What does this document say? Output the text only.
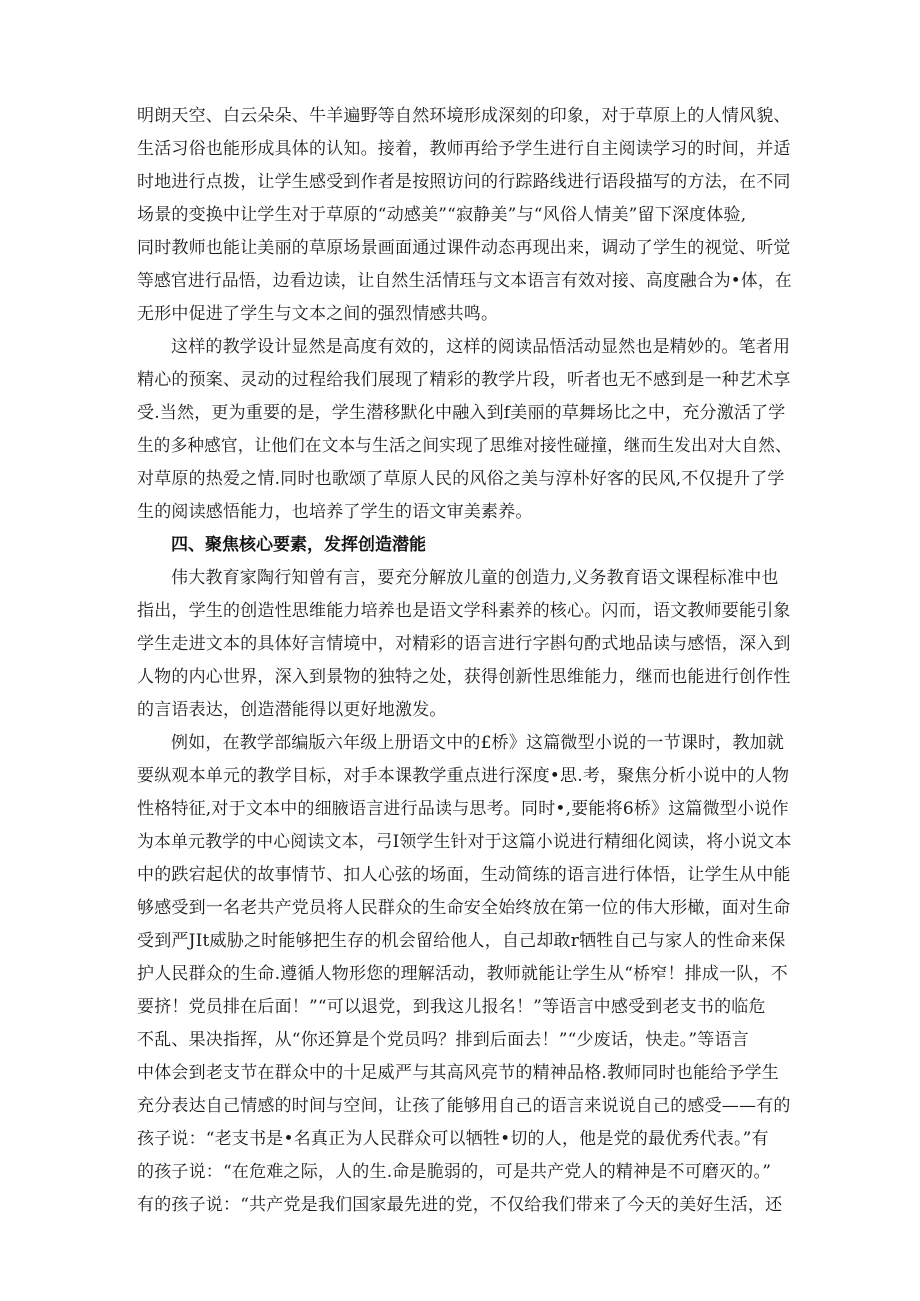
明朗天空、白云朵朵、牛羊遍野等自然环境形成深刻的印象，对于草原上的人情风貌、
生活习俗也能形成具体的认知。接着，教师再给予学生进行自主阅读学习的时间，并适
时地进行点拨，让学生感受到作者是按照访问的行踪路线进行语段描写的方法，在不同
场景的变换中让学生对于草原的“动感美”“寂静美”与“风俗人情美”留下深度体验,
同时教师也能让美丽的草原场景画面通过课件动态再现出来，调动了学生的视觉、听觉
等感官进行品悟，边看边读，让自然生活情珏与文本语言有效对接、高度融合为•体，在
无形中促进了学生与文本之间的强烈情感共鸣。
这样的教学设计显然是高度有效的，这样的阅读品悟活动显然也是精妙的。笔者用
精心的预案、灵动的过程给我们展现了精彩的教学片段，听者也无不感到是一种艺术享
受.当然，更为重要的是，学生潜移默化中融入到f美丽的草舞场比之中，充分激活了学
生的多种感官，让他们在文本与生活之间实现了思维对接性碰撞，继而生发出对大自然、
对草原的热爱之情.同时也歌颂了草原人民的风俗之美与淳朴好客的民风,不仅提升了学
生的阅读感悟能力，也培养了学生的语文审美素养。
四、聚焦核心要素，发挥创造潜能
伟大教育家陶行知曾有言，要充分解放儿童的创造力,义务教育语文课程标准中也
指出，学生的创造性思维能力培养也是语文学科素养的核心。闪而，语文教师要能引象
学生走进文本的具体好言情境中，对精彩的语言进行字斟句酌式地品读与感悟，深入到
人物的内心世界，深入到景物的独特之处，获得创新性思维能力，继而也能进行创作性
的言语表达，创造潜能得以更好地激发。
例如，在教学部编版六年级上册语文中的£桥》这篇微型小说的一节课时，教加就
要纵观本单元的教学目标，对手本课教学重点进行深度•思.考，聚焦分析小说中的人物
性格特征,对于文本中的细腋语言进行品读与思考。同时•,要能将6桥》这篇微型小说作
为本单元教学的中心阅读文本，弓I领学生针对于这篇小说进行精细化阅读，将小说文本
中的跌宕起伏的故事情节、扣人心弦的场面，生动简练的语言进行体悟，让学生从中能
够感受到一名老共产党员将人民群众的生命安全始终放在第一位的伟大形橄，面对生命
受到严JIt威胁之时能够把生存的机会留给他人，自己却敢r牺牲自己与家人的性命来保
护人民群众的生命.遵循人物形您的理解活动，教师就能让学生从“桥窄！排成一队，不
要挤！党员排在后面！”“可以退党，到我这儿报名！”等语言中感受到老支书的临危
不乱、果决指挥，从“你还算是个党员吗？排到后面去！”“少废话，快走。”等语言
中体会到老支节在群众中的十足威严与其高风亮节的精神品格.教师同时也能给予学生
充分表达自己情感的时间与空间，让孩了能够用自己的语言来说说自己的感受——有的
孩子说：“老支书是•名真正为人民群众可以牺牲•切的人，他是党的最优秀代表。”有
的孩子说：“在危难之际，人的生.命是脆弱的，可是共产党人的精神是不可磨灭的。”
有的孩子说：“共产党是我们国家最先进的党，不仅给我们带来了今天的美好生活，还
